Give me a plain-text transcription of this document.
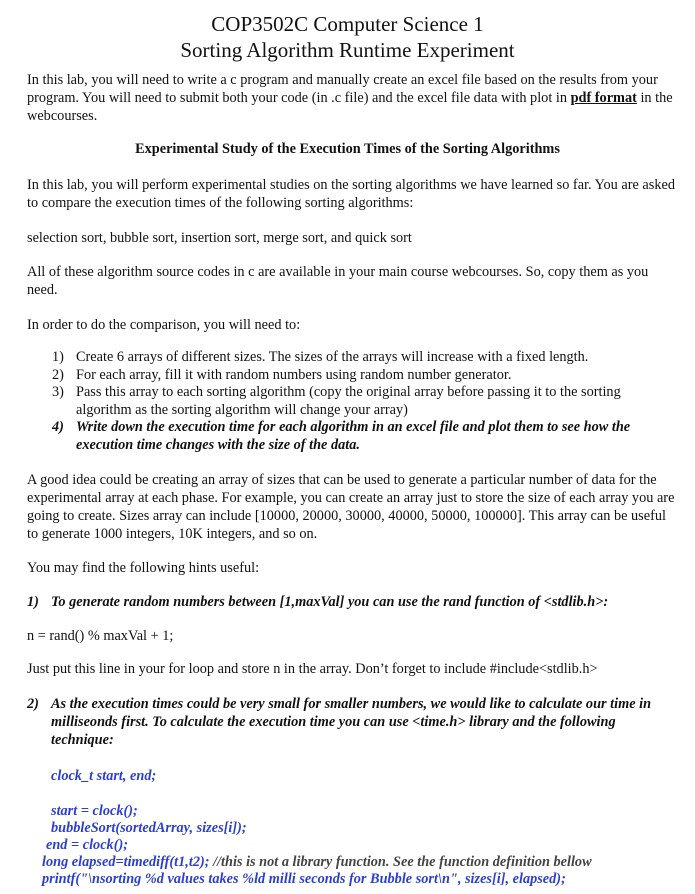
COP3502C Computer Science 1
Sorting Algorithm Runtime Experiment
In this lab, you will need to write a c program and manually create an excel file based on the results from your program. You will need to submit both your code (in .c file) and the excel file data with plot in pdf format in the webcourses.
Experimental Study of the Execution Times of the Sorting Algorithms
In this lab, you will perform experimental studies on the sorting algorithms we have learned so far. You are asked to compare the execution times of the following sorting algorithms:
selection sort, bubble sort, insertion sort, merge sort, and quick sort
All of these algorithm source codes in c are available in your main course webcourses. So, copy them as you need.
In order to do the comparison, you will need to:
1) Create 6 arrays of different sizes. The sizes of the arrays will increase with a fixed length.
2) For each array, fill it with random numbers using random number generator.
3) Pass this array to each sorting algorithm (copy the original array before passing it to the sorting algorithm as the sorting algorithm will change your array)
4) Write down the execution time for each algorithm in an excel file and plot them to see how the execution time changes with the size of the data.
A good idea could be creating an array of sizes that can be used to generate a particular number of data for the experimental array at each phase. For example, you can create an array just to store the size of each array you are going to create. Sizes array can include [10000, 20000, 30000, 40000, 50000, 100000]. This array can be useful to generate 1000 integers, 10K integers, and so on.
You may find the following hints useful:
1) To generate random numbers between [1,maxVal] you can use the rand function of <stdlib.h>:
n = rand() % maxVal + 1;
Just put this line in your for loop and store n in the array. Don’t forget to include #include<stdlib.h>
2) As the execution times could be very small for smaller numbers, we would like to calculate our time in milliseonds first. To calculate the execution time you can use <time.h> library and the following technique:
clock_t start, end;
start = clock();
bubbleSort(sortedArray, sizes[i]);
end = clock();
long elapsed=timediff(t1,t2); //this is not a library function. See the function definition bellow
printf("\nsorting %d values takes %ld milli seconds for Bubble sort\n", sizes[i], elapsed);
